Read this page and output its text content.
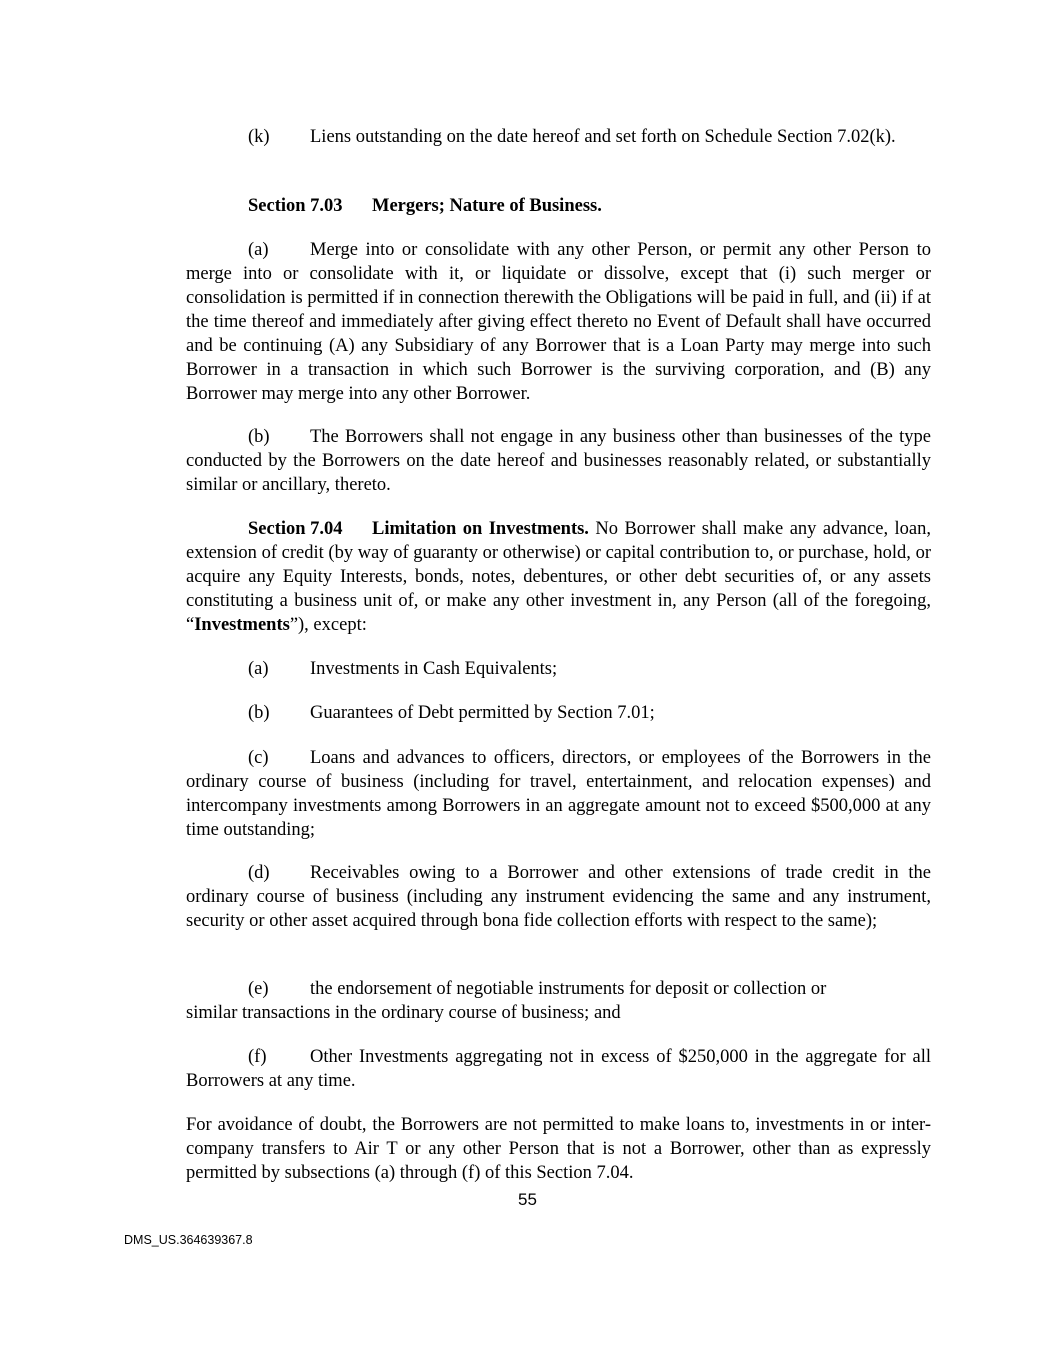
(k) Liens outstanding on the date hereof and set forth on Schedule Section 7.02(k).
Section 7.03 Mergers; Nature of Business.
(a) Merge into or consolidate with any other Person, or permit any other Person to merge into or consolidate with it, or liquidate or dissolve, except that (i) such merger or consolidation is permitted if in connection therewith the Obligations will be paid in full, and (ii) if at the time thereof and immediately after giving effect thereto no Event of Default shall have occurred and be continuing (A) any Subsidiary of any Borrower that is a Loan Party may merge into such Borrower in a transaction in which such Borrower is the surviving corporation, and (B) any Borrower may merge into any other Borrower.
(b) The Borrowers shall not engage in any business other than businesses of the type conducted by the Borrowers on the date hereof and businesses reasonably related, or substantially similar or ancillary, thereto.
Section 7.04 Limitation on Investments. No Borrower shall make any advance, loan, extension of credit (by way of guaranty or otherwise) or capital contribution to, or purchase, hold, or acquire any Equity Interests, bonds, notes, debentures, or other debt securities of, or any assets constituting a business unit of, or make any other investment in, any Person (all of the foregoing, “Investments”), except:
(a) Investments in Cash Equivalents;
(b) Guarantees of Debt permitted by Section 7.01;
(c) Loans and advances to officers, directors, or employees of the Borrowers in the ordinary course of business (including for travel, entertainment, and relocation expenses) and intercompany investments among Borrowers in an aggregate amount not to exceed $500,000 at any time outstanding;
(d) Receivables owing to a Borrower and other extensions of trade credit in the ordinary course of business (including any instrument evidencing the same and any instrument, security or other asset acquired through bona fide collection efforts with respect to the same);
(e) the endorsement of negotiable instruments for deposit or collection or
similar transactions in the ordinary course of business; and
(f) Other Investments aggregating not in excess of $250,000 in the aggregate for all Borrowers at any time.
For avoidance of doubt, the Borrowers are not permitted to make loans to, investments in or inter-company transfers to Air T or any other Person that is not a Borrower, other than as expressly permitted by subsections (a) through (f) of this Section 7.04.
55
DMS_US.364639367.8
